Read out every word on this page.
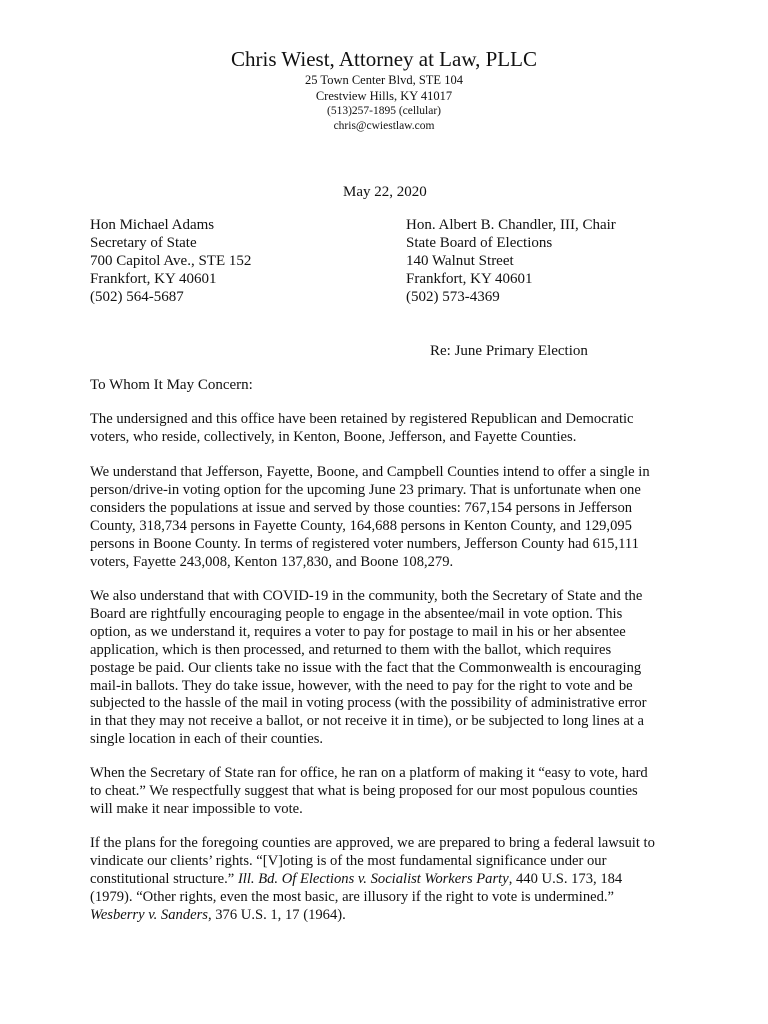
Chris Wiest, Attorney at Law, PLLC
25 Town Center Blvd, STE 104
Crestview Hills, KY 41017
(513)257-1895 (cellular)
chris@cwiestlaw.com
May 22, 2020
Hon Michael Adams
Secretary of State
700 Capitol Ave., STE 152
Frankfort, KY 40601
(502) 564-5687
Hon. Albert B. Chandler, III, Chair
State Board of Elections
140 Walnut Street
Frankfort, KY 40601
(502) 573-4369
Re: June Primary Election
To Whom It May Concern:
The undersigned and this office have been retained by registered Republican and Democratic
voters, who reside, collectively, in Kenton, Boone, Jefferson, and Fayette Counties.
We understand that Jefferson, Fayette, Boone, and Campbell Counties intend to offer a single in
person/drive-in voting option for the upcoming June 23 primary. That is unfortunate when one
considers the populations at issue and served by those counties: 767,154 persons in Jefferson
County, 318,734 persons in Fayette County, 164,688 persons in Kenton County, and 129,095
persons in Boone County. In terms of registered voter numbers, Jefferson County had 615,111
voters, Fayette 243,008, Kenton 137,830, and Boone 108,279.
We also understand that with COVID-19 in the community, both the Secretary of State and the
Board are rightfully encouraging people to engage in the absentee/mail in vote option. This
option, as we understand it, requires a voter to pay for postage to mail in his or her absentee
application, which is then processed, and returned to them with the ballot, which requires
postage be paid. Our clients take no issue with the fact that the Commonwealth is encouraging
mail-in ballots. They do take issue, however, with the need to pay for the right to vote and be
subjected to the hassle of the mail in voting process (with the possibility of administrative error
in that they may not receive a ballot, or not receive it in time), or be subjected to long lines at a
single location in each of their counties.
When the Secretary of State ran for office, he ran on a platform of making it “easy to vote, hard
to cheat.” We respectfully suggest that what is being proposed for our most populous counties
will make it near impossible to vote.
If the plans for the foregoing counties are approved, we are prepared to bring a federal lawsuit to
vindicate our clients’ rights. “[V]oting is of the most fundamental significance under our
constitutional structure.” Ill. Bd. Of Elections v. Socialist Workers Party, 440 U.S. 173, 184
(1979). “Other rights, even the most basic, are illusory if the right to vote is undermined.”
Wesberry v. Sanders, 376 U.S. 1, 17 (1964).
